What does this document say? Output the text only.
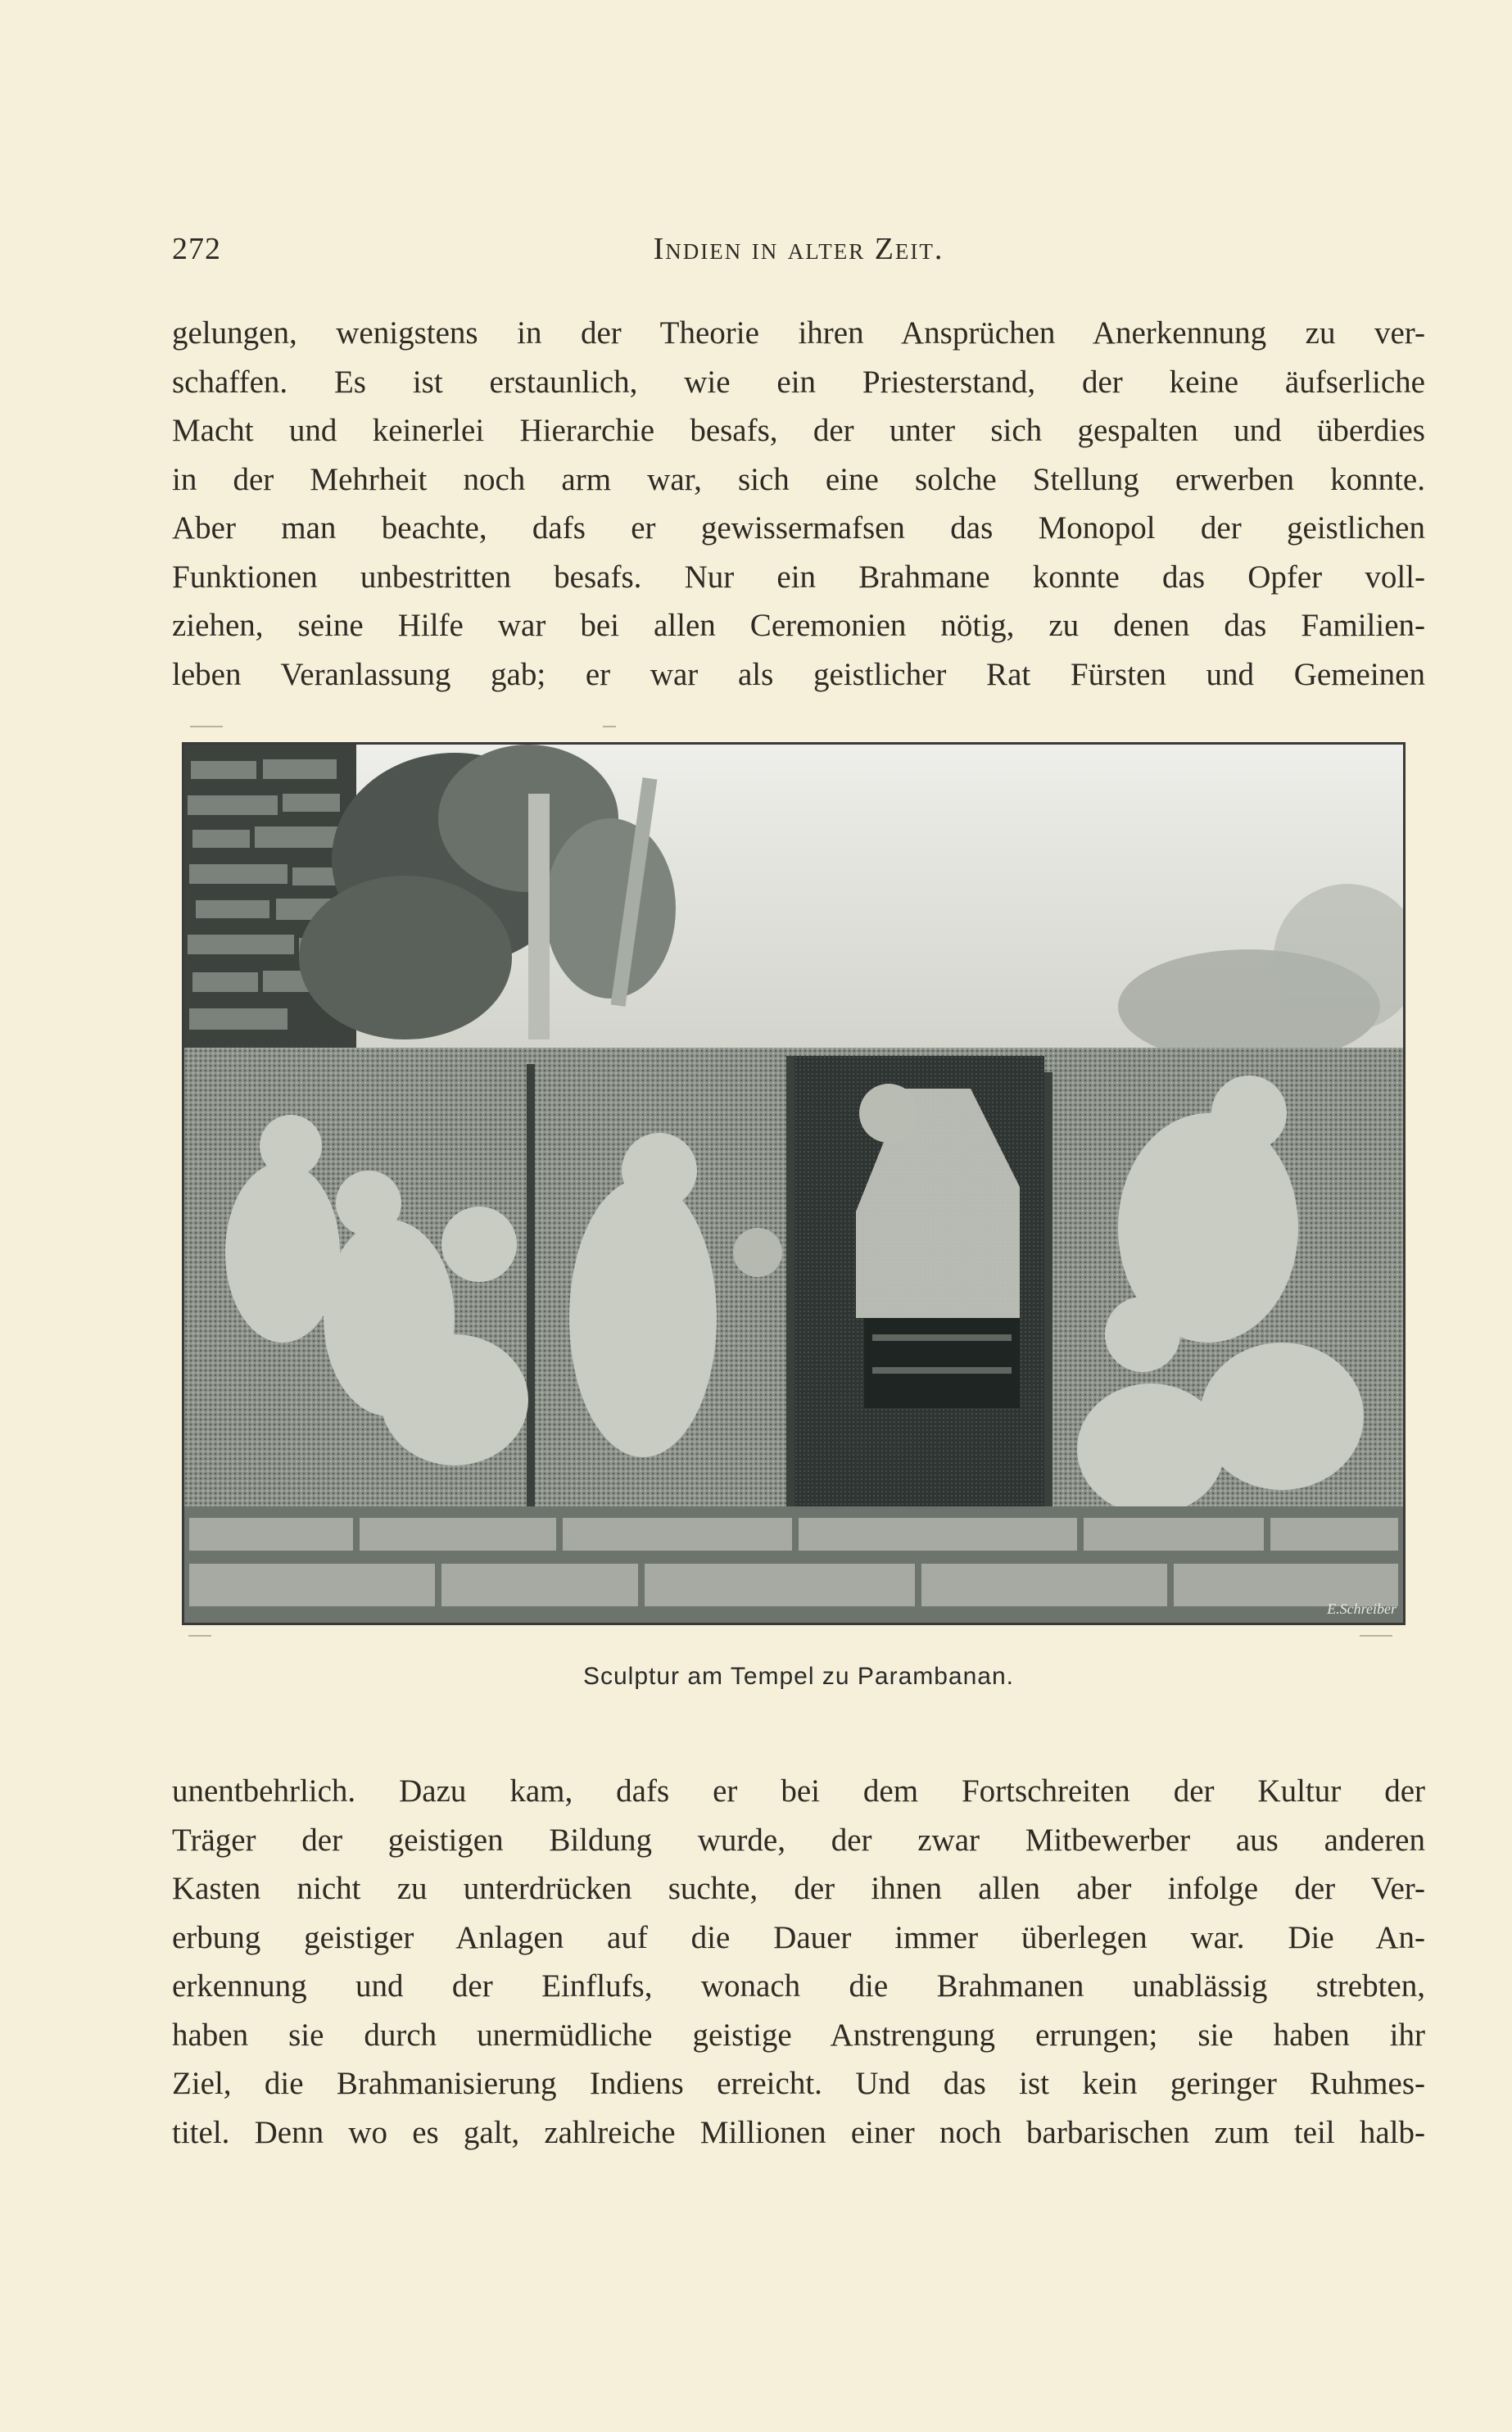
272	Indien in alter Zeit.
gelungen, wenigstens in der Theorie ihren Ansprüchen Anerkennung zu ver-
schaffen. Es ist erstaunlich, wie ein Priesterstand, der keine äufserliche
Macht und keinerlei Hierarchie besafs, der unter sich gespalten und überdies
in der Mehrheit noch arm war, sich eine solche Stellung erwerben konnte.
Aber man beachte, dafs er gewissermafsen das Monopol der geistlichen
Funktionen unbestritten besafs. Nur ein Brahmane konnte das Opfer voll-
ziehen, seine Hilfe war bei allen Ceremonien nötig, zu denen das Familien-
leben Veranlassung gab; er war als geistlicher Rat Fürsten und Gemeinen
E.Schreiber
Sculptur am Tempel zu Parambanan.
unentbehrlich. Dazu kam, dafs er bei dem Fortschreiten der Kultur der
Träger der geistigen Bildung wurde, der zwar Mitbewerber aus anderen
Kasten nicht zu unterdrücken suchte, der ihnen allen aber infolge der Ver-
erbung geistiger Anlagen auf die Dauer immer überlegen war. Die An-
erkennung und der Einflufs, wonach die Brahmanen unablässig strebten,
haben sie durch unermüdliche geistige Anstrengung errungen; sie haben ihr
Ziel, die Brahmanisierung Indiens erreicht. Und das ist kein geringer Ruhmes-
titel. Denn wo es galt, zahlreiche Millionen einer noch barbarischen zum teil halb-
